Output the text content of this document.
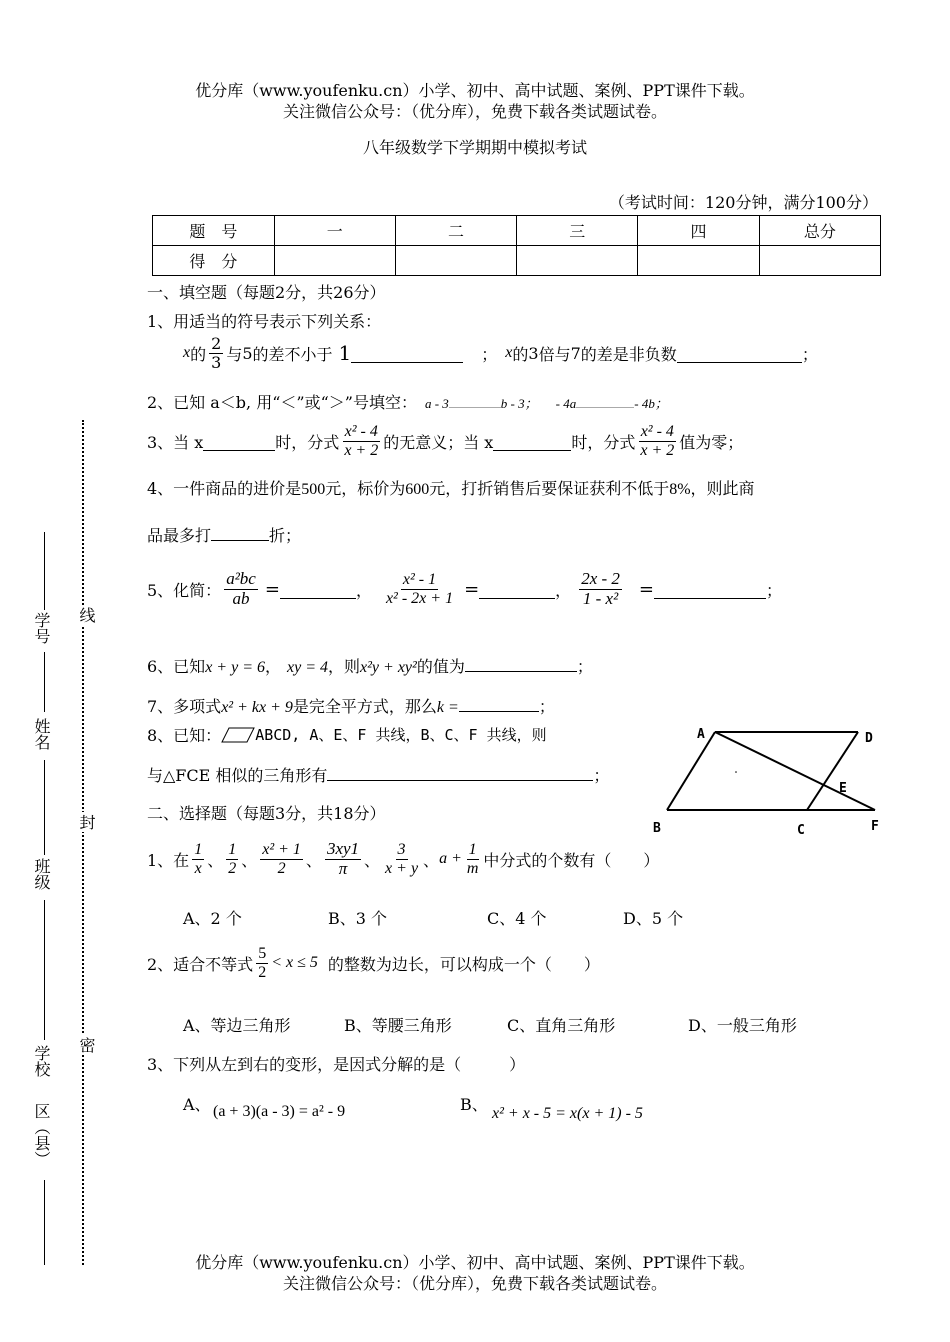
优分库（www.youfenku.cn）小学、初中、高中试题、案例、PPT课件下载。
关注微信公众号：（优分库），免费下载各类试题试卷。
八年级数学下学期期中模拟考试
（考试时间：120分钟，满分100分）
题　号	一	二	三	四	总分
得　分					
学号
姓名
班级
学校
区（县）
线
封
密
一、填空题（每题2分，共26分）
1、用适当的符号表示下列关系：
x 的 $\frac{2}{3}$ 与 5 的差不小于 1	； x 的 3 倍与 7 的差是非负数	；
2、已知 a＜b, 用“＜”或“＞”号填空： a - 3	b - 3； - 4a	- 4b；
3、当 x	时，分式 $\frac{\text{x² - 4}}{x + 2}$ 的无意义；当 x	时，分式 $\frac{\text{x² - 4}}{x + 2}$ 值为零；
4、一件商品的进价是500元，标价为600元，打折销售后要保证获利不低于8%，则此商
品最多打	折；
5、化简： $\frac{\text{a²bc}}{ab}$ =	， $\frac{\text{x² - 1}}{\text{x² - 2x + 1}}$ =	， $\frac{2x - 2}{\text{1 - x²}}$ =	；
6、已知 x + y = 6 ， xy = 4 ，则 x²y + xy² 的值为	；
7、多项式 x² + kx + 9 是完全平方式，那么 k =	；
8、已知： ABCD, A、E、F 共线，B、C、F 共线，则
与△FCE 相似的三角形有	；
A	D
B	C	F
E
二、选择题（每题3分，共18分）
1、在 $\frac{1}{x}$ 、 $\frac{1}{2}$ 、 $\frac{\text{x² + 1}}{2}$ 、 $\frac{3xy1}{\pi}$ 、 $\frac{3}{x + y}$ 、 $a + \frac{1}{m}$ 中分式的个数有（　　）
A、2 个	B、3 个	C、4 个	D、5 个
2、适合不等式 $\frac{5}{2} < x \le 5$ 的整数为边长，可以构成一个（　　）
A、等边三角形	B、等腰三角形	C、直角三角形	D、一般三角形
3、下列从左到右的变形，是因式分解的是（　　　）
A、 (a + 3)(a - 3) = a² - 9	B、 x² + x - 5 = x(x + 1) - 5
优分库（www.youfenku.cn）小学、初中、高中试题、案例、PPT课件下载。
关注微信公众号：（优分库），免费下载各类试题试卷。
